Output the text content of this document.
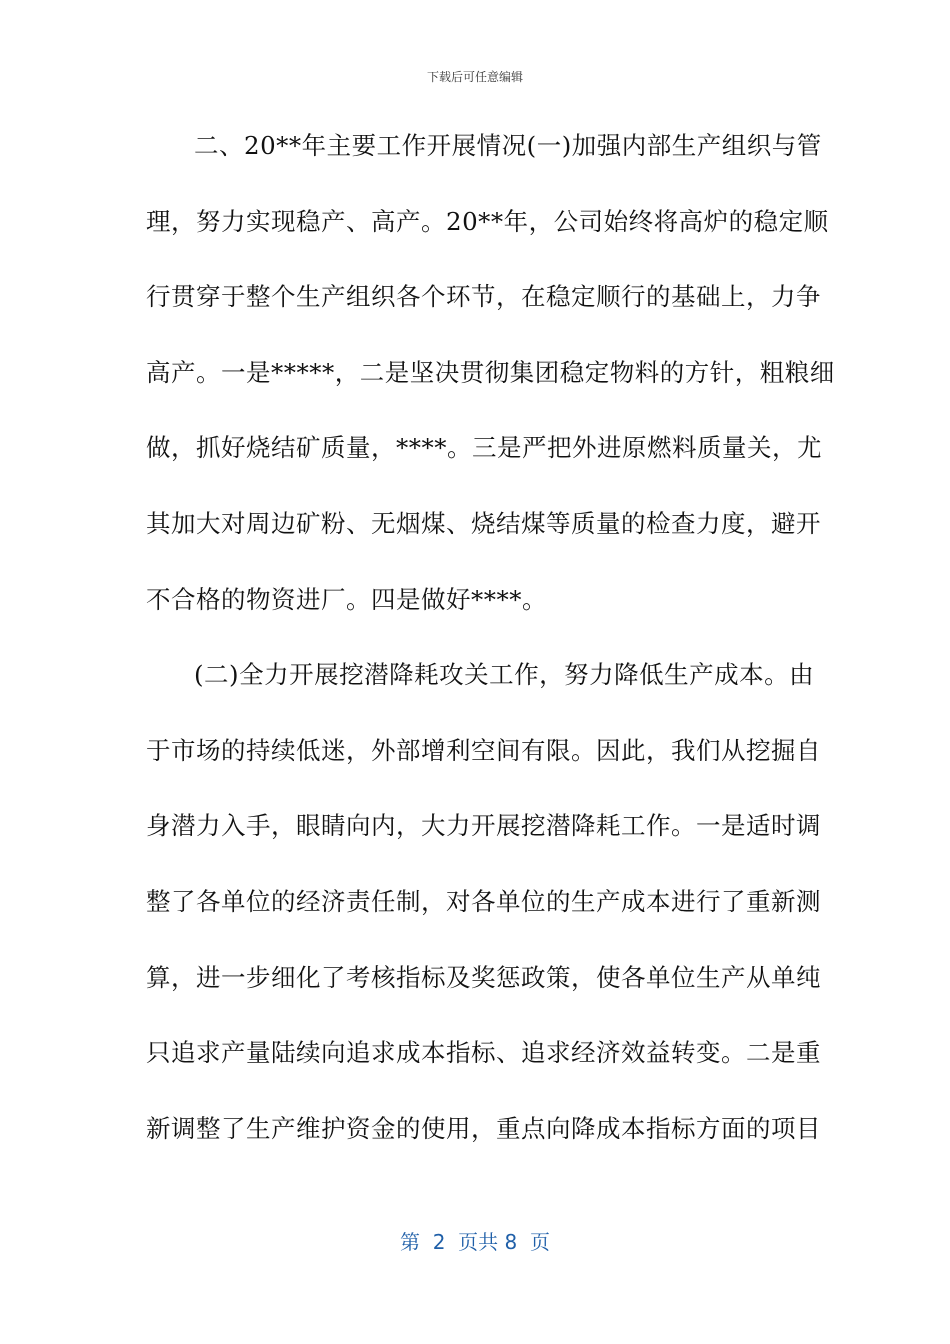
下载后可任意编辑
二、20**年主要工作开展情况(一)加强内部生产组织与管
理，努力实现稳产、高产。20**年，公司始终将高炉的稳定顺
行贯穿于整个生产组织各个环节，在稳定顺行的基础上，力争
高产。一是*****，二是坚决贯彻集团稳定物料的方针，粗粮细
做，抓好烧结矿质量，****。三是严把外进原燃料质量关，尤
其加大对周边矿粉、无烟煤、烧结煤等质量的检查力度，避开
不合格的物资进厂。四是做好****。
(二)全力开展挖潜降耗攻关工作，努力降低生产成本。由
于市场的持续低迷，外部增利空间有限。因此，我们从挖掘自
身潜力入手，眼睛向内，大力开展挖潜降耗工作。一是适时调
整了各单位的经济责任制，对各单位的生产成本进行了重新测
算，进一步细化了考核指标及奖惩政策，使各单位生产从单纯
只追求产量陆续向追求成本指标、追求经济效益转变。二是重
新调整了生产维护资金的使用，重点向降成本指标方面的项目
第 2 页共 8 页
